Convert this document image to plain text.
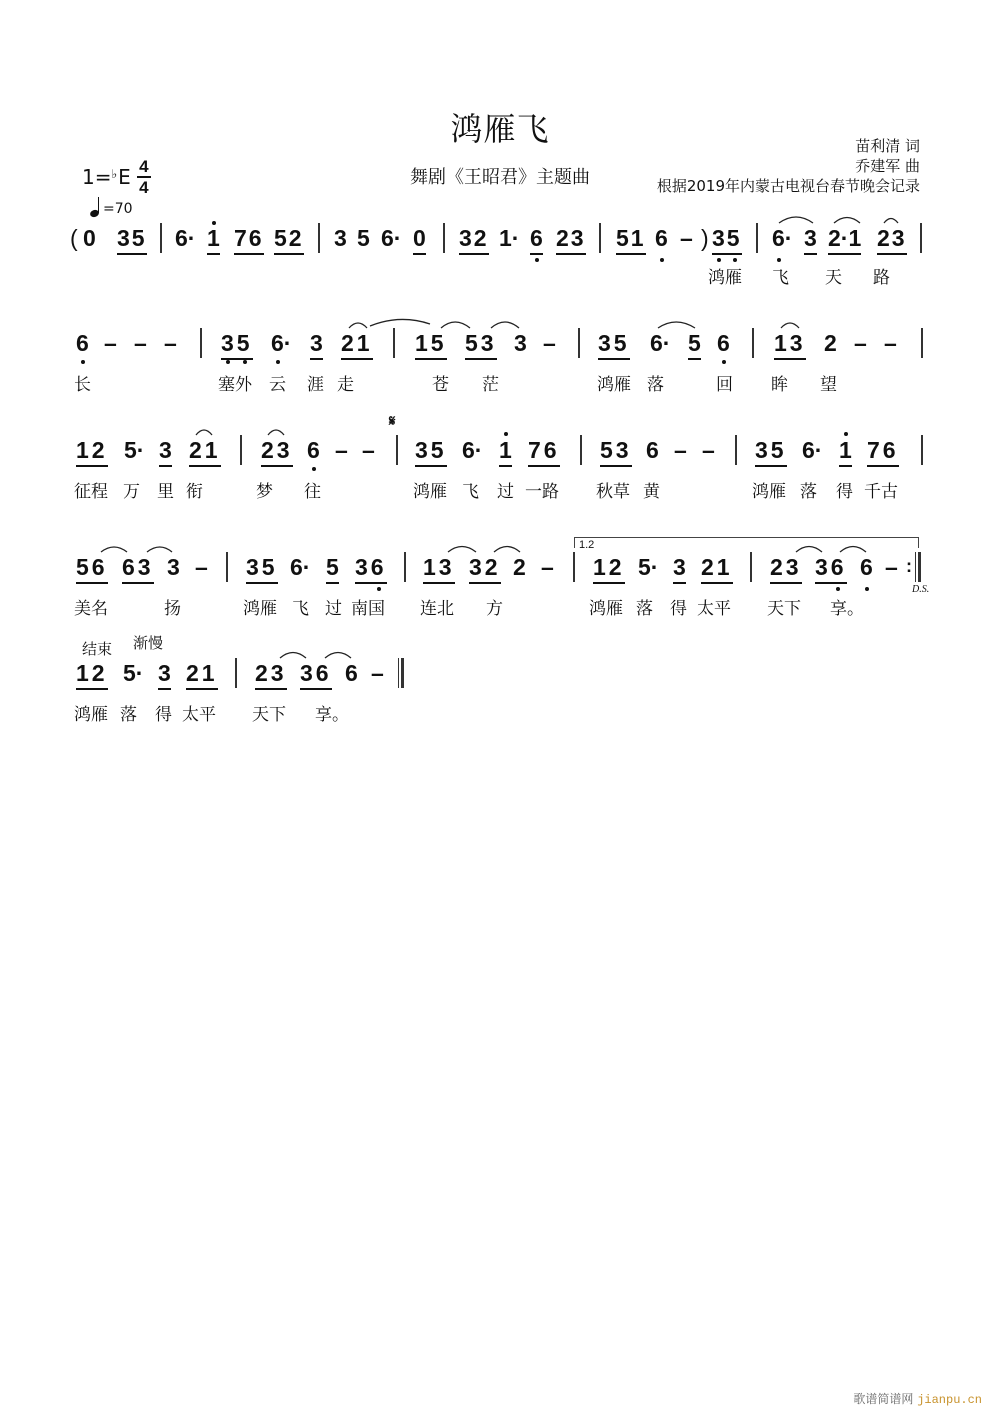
鸿雁飞
舞剧《王昭君》主题曲
苗利清 词
乔建军 曲
根据2019年内蒙古电视台春节晚会记录
1=♭ E 4
4
=70
( 0 35 6· 1 76 52 3 5 6· 0 32 1· 6 23 51 6 – ) 35 6· 3 2·1 23
鸿雁 飞 天 路
6 – – – 35 6· 3 21 15 53 3 – 35 6· 5 6 13 2 – –
长	塞外 云 涯 走	苍 茫	鸿雁 落	回 眸 望
12 5· 3 21 23 6 – –
𝄋
35 6· 1 76 53 6 – – 35 6· 1 76
征程 万 里 衔	梦 往	鸿雁 飞 过 一路 秋草 黄	鸿雁 落 得 千古
1.2
56 63 3 – 35 6· 5 36 13 32 2 – 12 5· 3 21 23 36 6 – :
D.S.
美名	扬	鸿雁 飞 过 南国 连北 方	鸿雁 落 得 太平 天下 享。
结束 渐慢
12 5· 3 21 23 36 6 –
鸿雁 落 得 太平 天下 享。
歌谱简谱网 jianpu.cn
